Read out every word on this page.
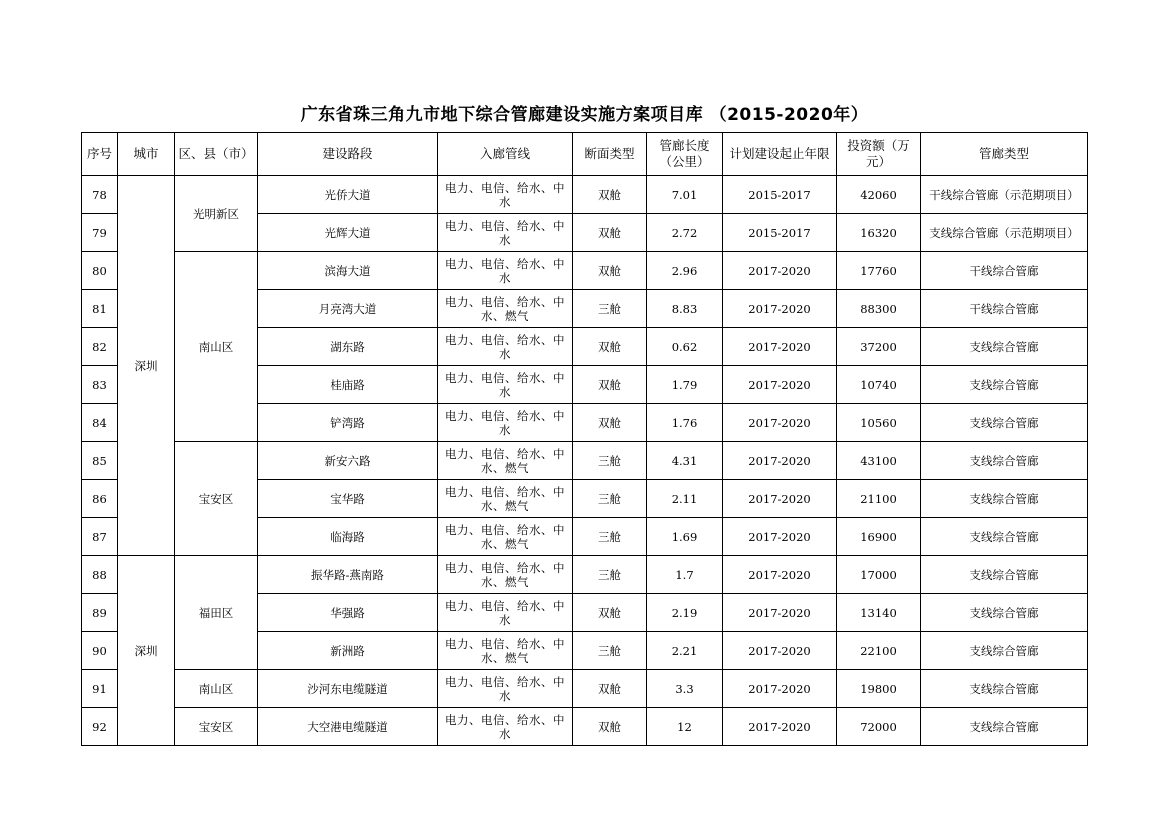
广东省珠三角九市地下综合管廊建设实施方案项目库 （2015-2020年）
序号	城市	区、县（市）	建设路段	入廊管线	断面类型	管廊长度（公里）	计划建设起止年限	投资额（万元）	管廊类型
78	深圳	光明新区	光侨大道	电力、电信、给水、中水	双舱	7.01	2015-2017	42060	干线综合管廊（示范期项目）
79			光辉大道	电力、电信、给水、中水	双舱	2.72	2015-2017	16320	支线综合管廊（示范期项目）
80		南山区	滨海大道	电力、电信、给水、中水	双舱	2.96	2017-2020	17760	干线综合管廊
81			月亮湾大道	电力、电信、给水、中水、燃气	三舱	8.83	2017-2020	88300	干线综合管廊
82			湖东路	电力、电信、给水、中水	双舱	0.62	2017-2020	37200	支线综合管廊
83			桂庙路	电力、电信、给水、中水	双舱	1.79	2017-2020	10740	支线综合管廊
84			铲湾路	电力、电信、给水、中水	双舱	1.76	2017-2020	10560	支线综合管廊
85		宝安区	新安六路	电力、电信、给水、中水、燃气	三舱	4.31	2017-2020	43100	支线综合管廊
86			宝华路	电力、电信、给水、中水、燃气	三舱	2.11	2017-2020	21100	支线综合管廊
87			临海路	电力、电信、给水、中水、燃气	三舱	1.69	2017-2020	16900	支线综合管廊
88	深圳	福田区	振华路-燕南路	电力、电信、给水、中水、燃气	三舱	1.7	2017-2020	17000	支线综合管廊
89			华强路	电力、电信、给水、中水	双舱	2.19	2017-2020	13140	支线综合管廊
90			新洲路	电力、电信、给水、中水、燃气	三舱	2.21	2017-2020	22100	支线综合管廊
91		南山区	沙河东电缆隧道	电力、电信、给水、中水	双舱	3.3	2017-2020	19800	支线综合管廊
92		宝安区	大空港电缆隧道	电力、电信、给水、中水	双舱	12	2017-2020	72000	支线综合管廊
